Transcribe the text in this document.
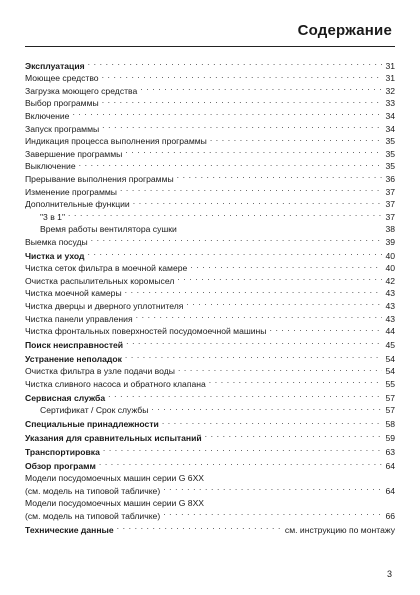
Содержание
Эксплуатация . . .	31
Моющее средство . . .	31
Загрузка моющего средства . . .	32
Выбор программы . . .	33
Включение . . .	34
Запуск программы . . .	34
Индикация процесса выполнения программы . . .	35
Завершение программы . . .	35
Выключение . . .	35
Прерывание выполнения программы . . .	36
Изменение программы . . .	37
Дополнительные функции . . .	37
"3 в 1" . . .	37
Время работы вентилятора сушки	38
Выемка посуды . . .	39
Чистка и уход . . .	40
Чистка сеток фильтра в моечной камере . . .	40
Очистка распылительных коромысел . . .	42
Чистка моечной камеры . . .	43
Чистка дверцы и дверного уплотнителя . . .	43
Чистка панели управления . . .	43
Чистка фронтальных поверхностей посудомоечной машины . . .	44
Поиск неисправностей . . .	45
Устранение неполадок . . .	54
Очистка фильтра в узле подачи воды . . .	54
Чистка сливного насоса и обратного клапана . . .	55
Сервисная служба . . .	57
Сертификат / Срок службы . . .	57
Специальные принадлежности . . .	58
Указания для сравнительных испытаний . . .	59
Транспортировка . . .	63
Обзор программ . . .	64
Модели посудомоечных машин серии G 6XX
(см. модель на типовой табличке) . . .	64
Модели посудомоечных машин серии G 8XX
(см. модель на типовой табличке) . . .	66
Технические данные . . .	см. инструкцию по монтажу
3
